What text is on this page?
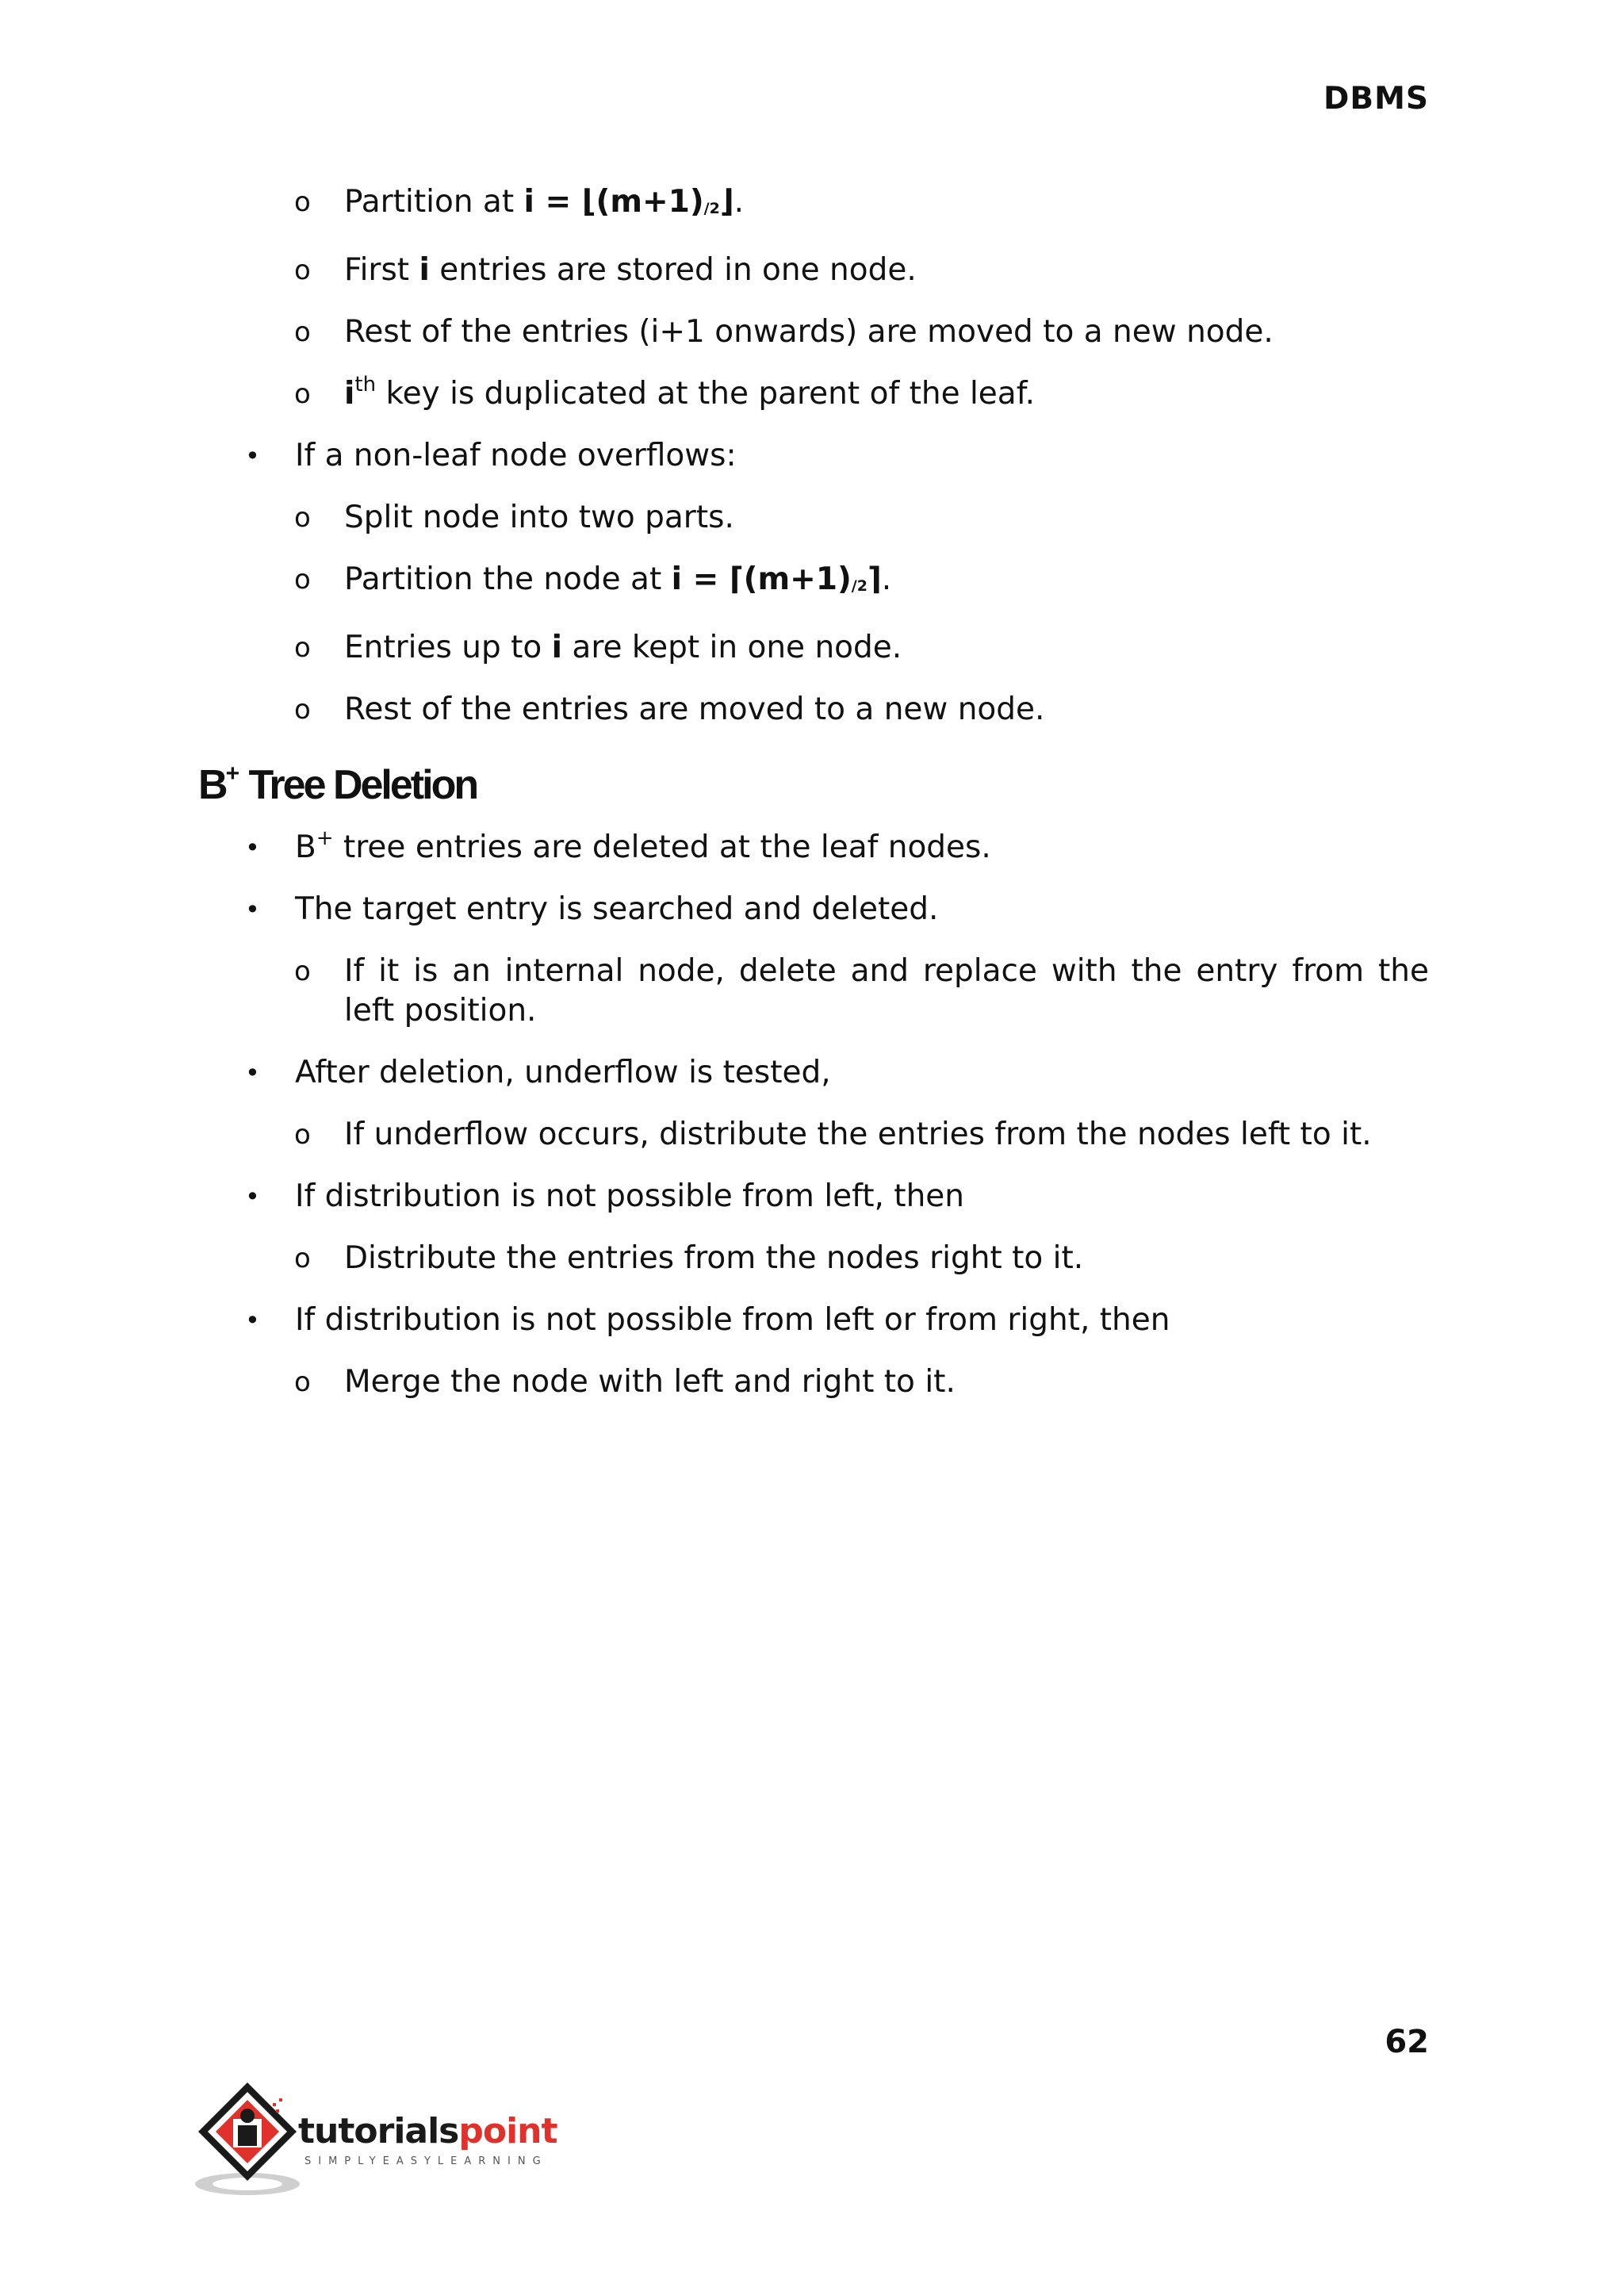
DBMS

o Partition at i = ⌊(m+1)/2⌋.

o First i entries are stored in one node.

o Rest of the entries (i+1 onwards) are moved to a new node.

o $i^{th}$ key is duplicated at the parent of the leaf.

• If a non-leaf node overflows:

o Split node into two parts.

o Partition the node at i = ⌈(m+1)/2⌉.

o Entries up to i are kept in one node.

o Rest of the entries are moved to a new node.

B+ Tree Deletion

• B+ tree entries are deleted at the leaf nodes.

• The target entry is searched and deleted.

o If it is an internal node, delete and replace with the entry from the left position.

• After deletion, underflow is tested,

o If underflow occurs, distribute the entries from the nodes left to it.

• If distribution is not possible from left, then

o Distribute the entries from the nodes right to it.

• If distribution is not possible from left or from right, then

o Merge the node with left and right to it.

62
tutorialspoint
SIMPLYEASYLEARNING
